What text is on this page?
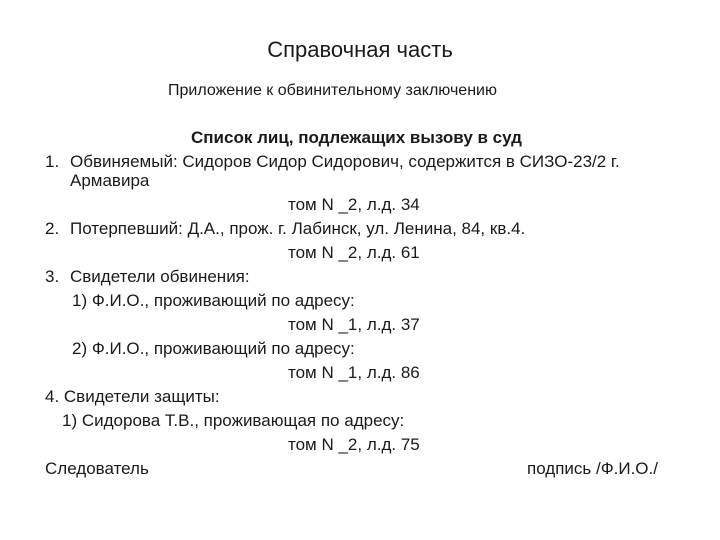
Справочная часть
Приложение к обвинительному заключению
Список лиц, подлежащих вызову в суд
1. Обвиняемый: Сидоров Сидор Сидорович, содержится в СИЗО-23/2 г.
Армавира
том N _2, л.д. 34
2. Потерпевший: Д.А., прож. г. Лабинск, ул. Ленина, 84, кв.4.
том N _2, л.д. 61
3. Свидетели обвинения:
1) Ф.И.О., проживающий по адресу:
том N _1, л.д. 37
2) Ф.И.О., проживающий по адресу:
том N _1, л.д. 86
4. Свидетели защиты:
1) Сидорова Т.В., проживающая по адресу:
том N _2, л.д. 75
Следователь	подпись /Ф.И.О./
